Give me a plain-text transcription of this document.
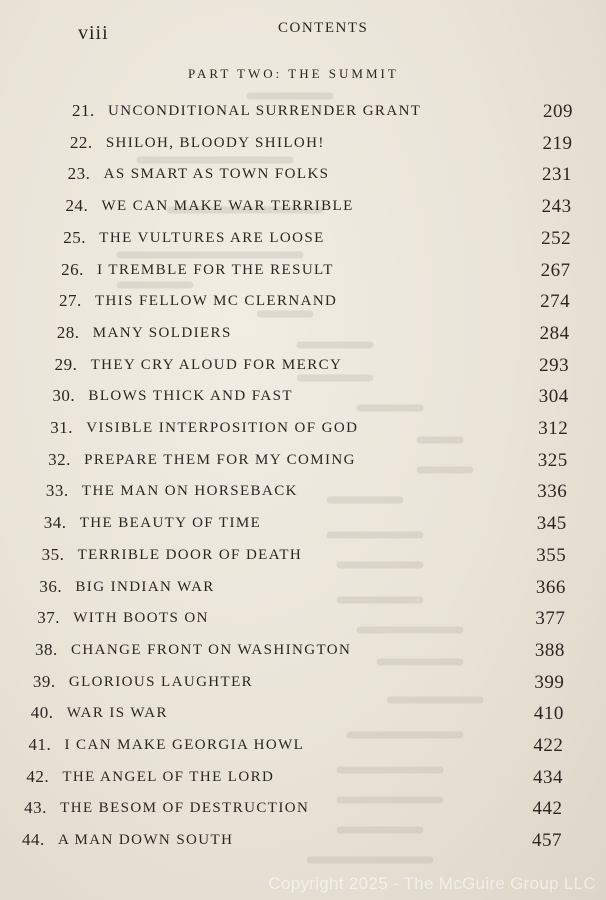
viii	CONTENTS
PART TWO: THE SUMMIT
21. UNCONDITIONAL SURRENDER GRANT	209
22. SHILOH, BLOODY SHILOH!	219
23. AS SMART AS TOWN FOLKS	231
24. WE CAN MAKE WAR TERRIBLE	243
25. THE VULTURES ARE LOOSE	252
26. I TREMBLE FOR THE RESULT	267
27. THIS FELLOW MC CLERNAND	274
28. MANY SOLDIERS	284
29. THEY CRY ALOUD FOR MERCY	293
30. BLOWS THICK AND FAST	304
31. VISIBLE INTERPOSITION OF GOD	312
32. PREPARE THEM FOR MY COMING	325
33. THE MAN ON HORSEBACK	336
34. THE BEAUTY OF TIME	345
35. TERRIBLE DOOR OF DEATH	355
36. BIG INDIAN WAR	366
37. WITH BOOTS ON	377
38. CHANGE FRONT ON WASHINGTON	388
39. GLORIOUS LAUGHTER	399
40. WAR IS WAR	410
41. I CAN MAKE GEORGIA HOWL	422
42. THE ANGEL OF THE LORD	434
43. THE BESOM OF DESTRUCTION	442
44. A MAN DOWN SOUTH	457
Copyright 2025 - The McGuire Group LLC
